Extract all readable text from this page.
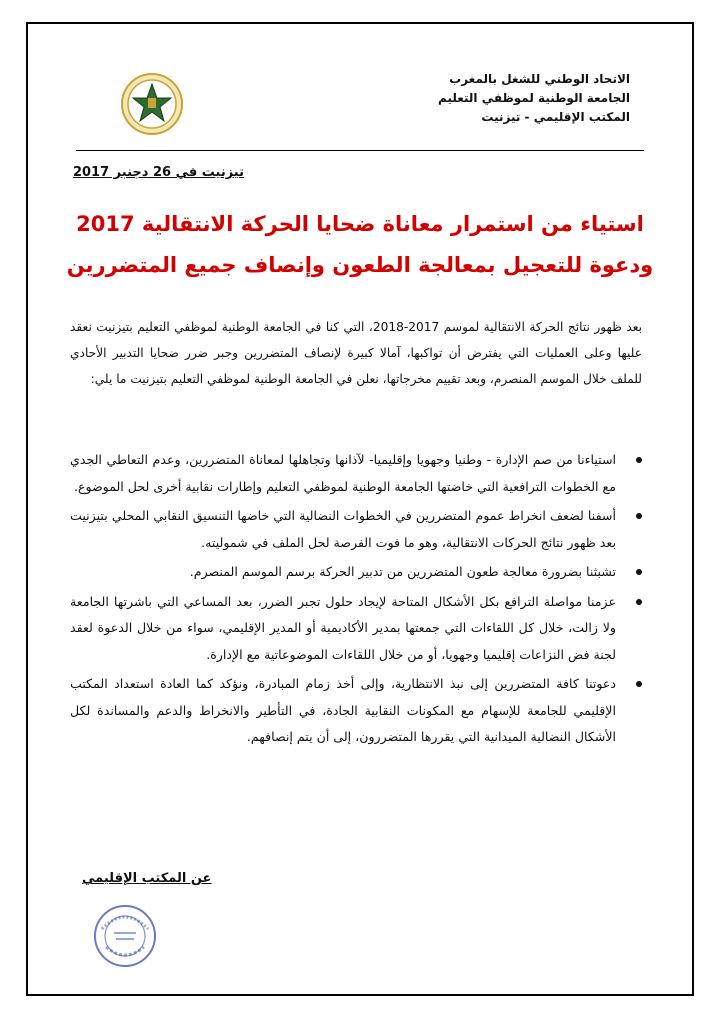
الاتحاد الوطني للشغل بالمغرب
الجامعة الوطنية لموظفي التعليم
المكتب الإقليمي - تيزنيت
تيزنيت في 26 دجنبر 2017
استياء من استمرار معاناة ضحايا الحركة الانتقالية 2017
ودعوة للتعجيل بمعالجة الطعون وإنصاف جميع المتضررين
بعد ظهور نتائج الحركة الانتقالية لموسم 2017-2018، التي كنا في الجامعة الوطنية لموظفي التعليم بتيزنيت نعقد عليها وعلى العمليات التي يفترض أن تواكبها، آمالا كبيرة لإنصاف المتضررين وجبر ضرر ضحايا التدبير الأحادي للملف خلال الموسم المنصرم، وبعد تقييم مخرجاتها، نعلن في الجامعة الوطنية لموظفي التعليم بتيزنيت ما يلي:
استياءنا من صم الإدارة - وطنيا وجهويا وإقليميا- لآذانها وتجاهلها لمعاناة المتضررين، وعدم التعاطي الجدي مع الخطوات الترافعية التي خاضتها الجامعة الوطنية لموظفي التعليم وإطارات نقابية أخرى لحل الموضوع.
أسفنا لضعف انخراط عموم المتضررين في الخطوات النضالية التي خاضها التنسيق النقابي المحلي بتيزنيت بعد ظهور نتائج الحركات الانتقالية، وهو ما فوت الفرصة لحل الملف في شموليته.
تشبثنا بضرورة معالجة طعون المتضررين من تدبير الحركة برسم الموسم المنصرم.
عزمنا مواصلة الترافع بكل الأشكال المتاحة لإيجاد حلول تجبر الضرر، بعد المساعي التي باشرتها الجامعة ولا زالت، خلال كل اللقاءات التي جمعتها بمدير الأكاديمية أو المدير الإقليمي، سواء من خلال الدعوة لعقد لجنة فض النزاعات إقليميا وجهويا، أو من خلال اللقاءات الموضوعاتية مع الإدارة.
دعوتنا كافة المتضررين إلى نبذ الانتظارية، وإلى أخذ زمام المبادرة، ونؤكد كما العادة استعداد المكتب الإقليمي للجامعة للإسهام مع المكونات النقابية الجادة، في التأطير والانخراط والدعم والمساندة لكل الأشكال النضالية الميدانية التي يقررها المتضررون، إلى أن يتم إنصافهم.
عن المكتب الإقليمي
